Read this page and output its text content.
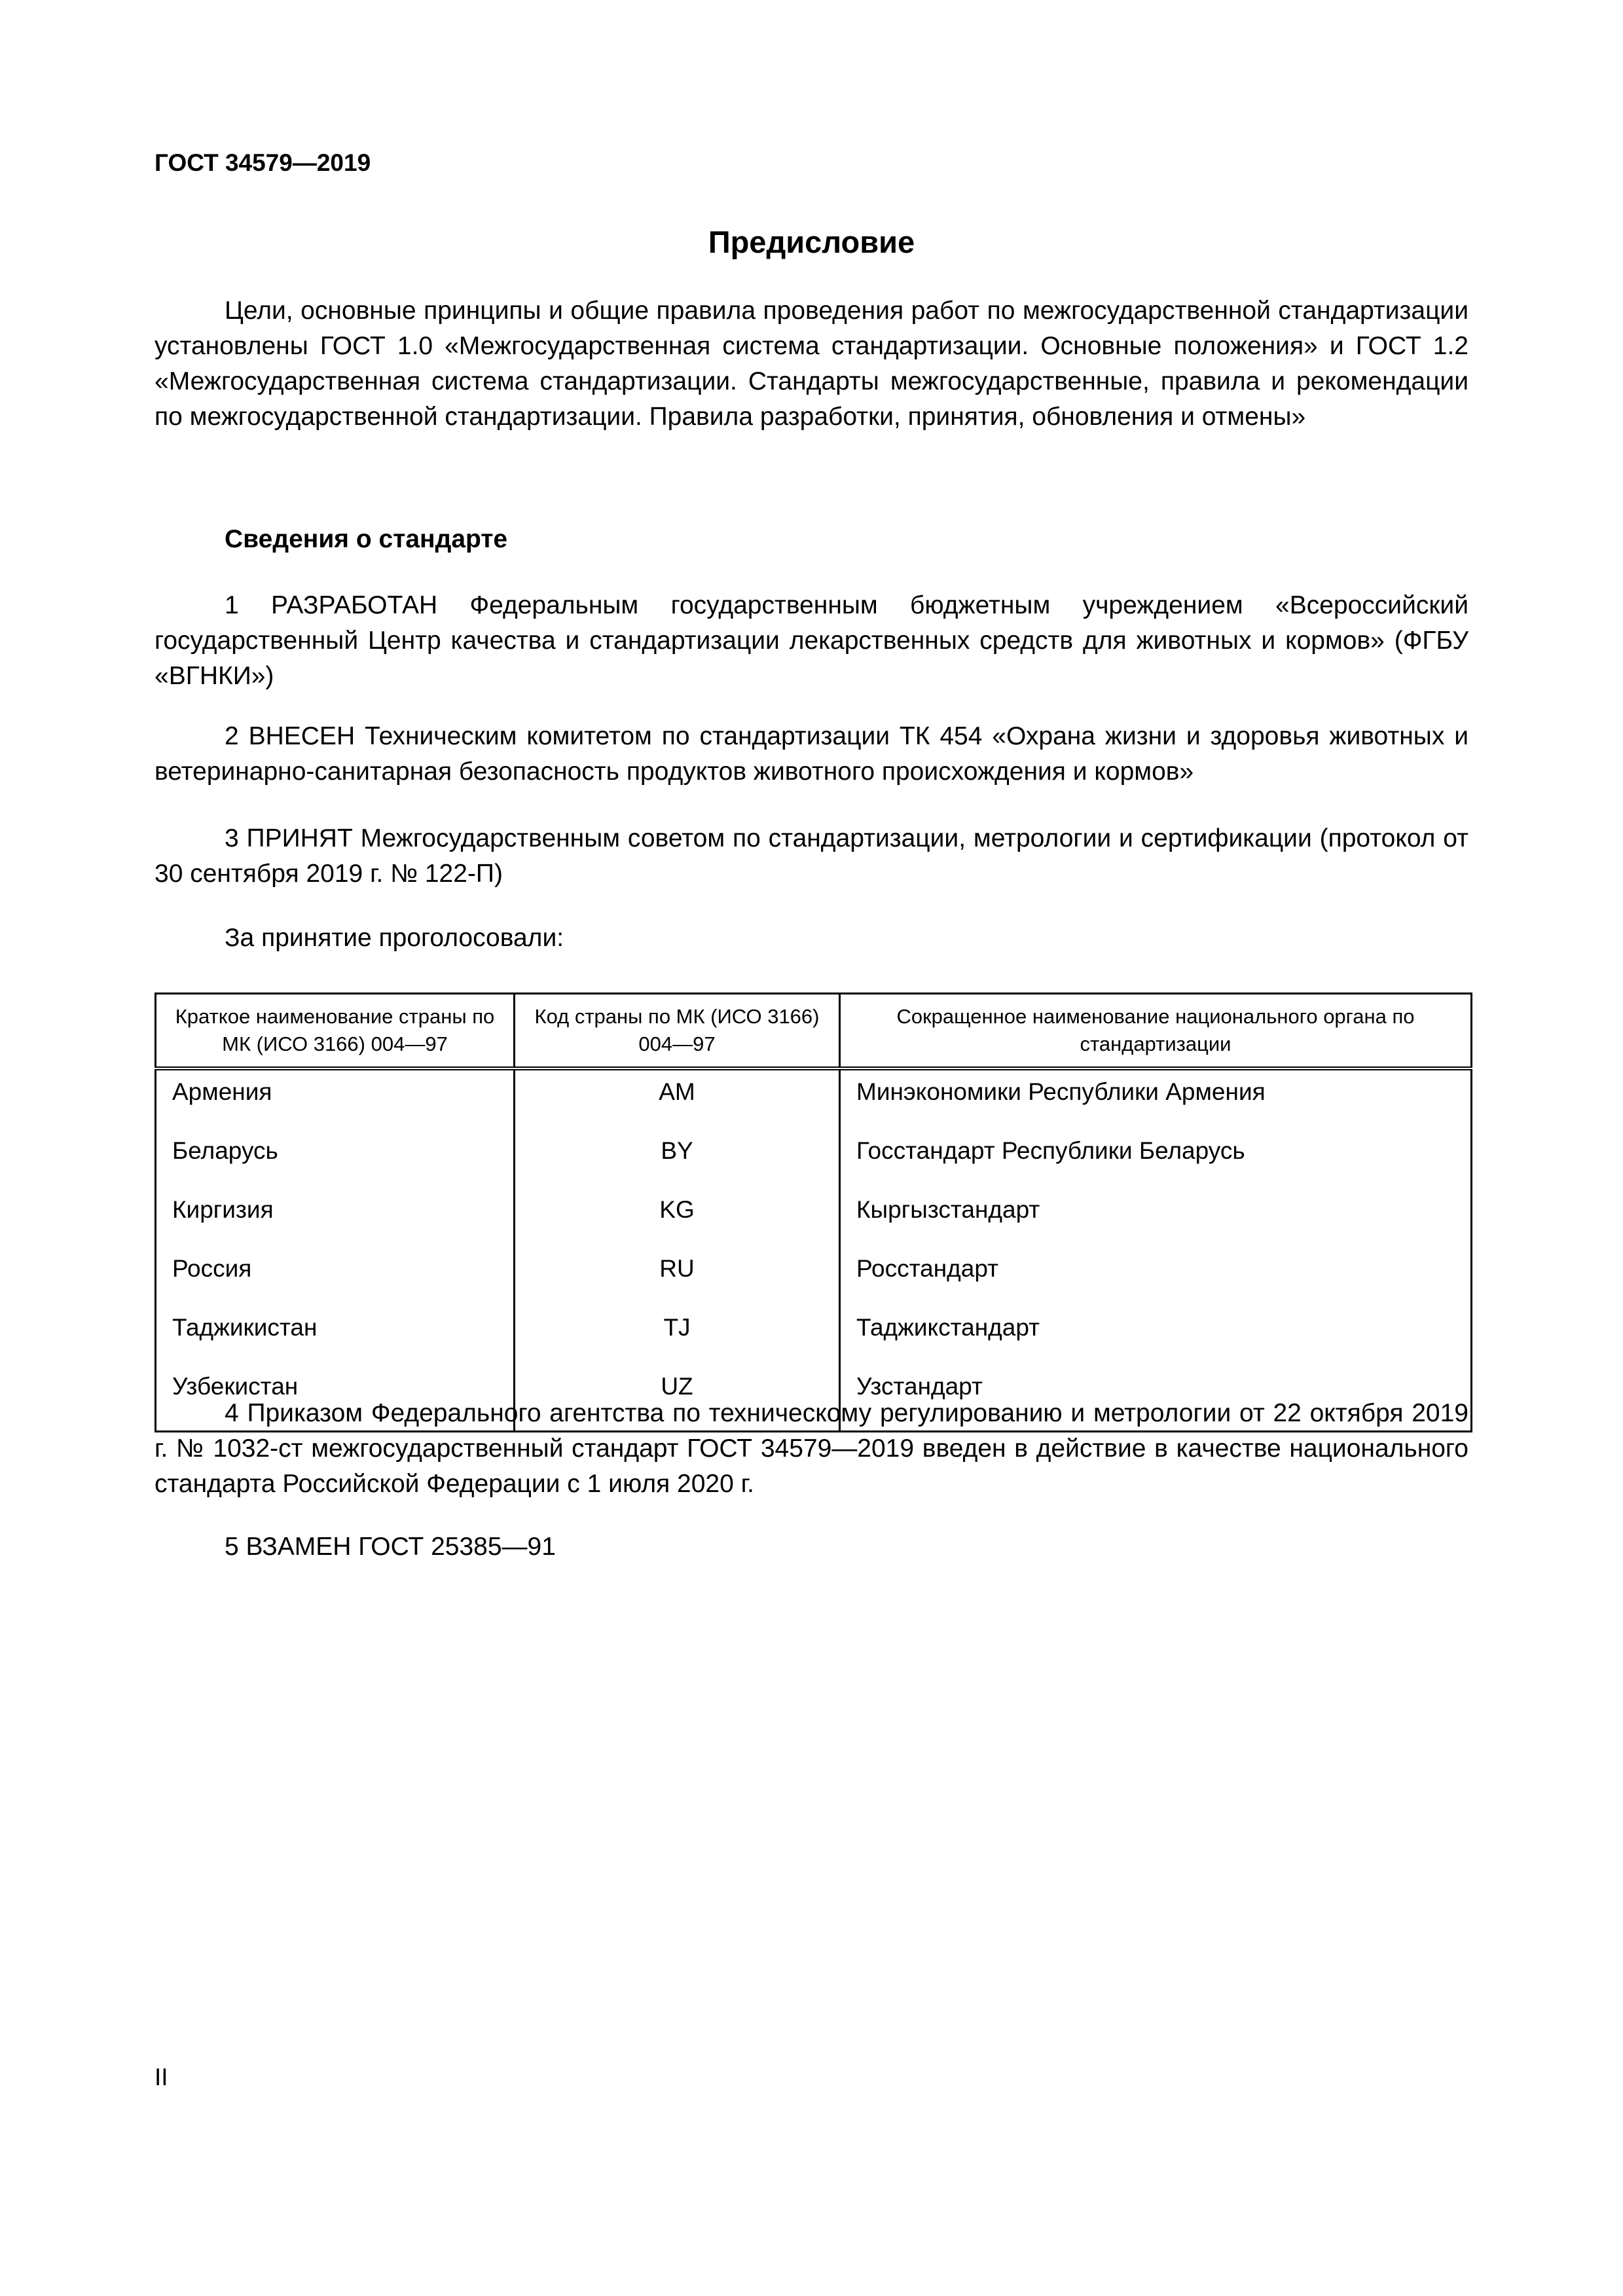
ГОСТ 34579—2019
Предисловие

Цели, основные принципы и общие правила проведения работ по межгосударственной стандартизации установлены ГОСТ 1.0 «Межгосударственная система стандартизации. Основные положения» и ГОСТ 1.2 «Межгосударственная система стандартизации. Стандарты межгосударственные, правила и рекомендации по межгосударственной стандартизации. Правила разработки, принятия, обновления и отмены»

Сведения о стандарте

1 РАЗРАБОТАН Федеральным государственным бюджетным учреждением «Всероссийский государственный Центр качества и стандартизации лекарственных средств для животных и кормов» (ФГБУ «ВГНКИ»)

2 ВНЕСЕН Техническим комитетом по стандартизации ТК 454 «Охрана жизни и здоровья животных и ветеринарно-санитарная безопасность продуктов животного происхождения и кормов»

3 ПРИНЯТ Межгосударственным советом по стандартизации, метрологии и сертификации (протокол от 30 сентября 2019 г. № 122-П)

За принятие проголосовали:

Краткое наименование страны по МК (ИСО 3166) 004—97	Код страны по МК (ИСО 3166) 004—97	Сокращенное наименование национального органа по стандартизации
Армения	AM	Минэкономики Республики Армения
Беларусь	BY	Госстандарт Республики Беларусь
Киргизия	KG	Кыргызстандарт
Россия	RU	Росстандарт
Таджикистан	TJ	Таджикстандарт
Узбекистан	UZ	Узстандарт

4 Приказом Федерального агентства по техническому регулированию и метрологии от 22 октября 2019 г. № 1032-ст межгосударственный стандарт ГОСТ 34579—2019 введен в действие в качестве национального стандарта Российской Федерации с 1 июля 2020 г.

5 ВЗАМЕН ГОСТ 25385—91

II
